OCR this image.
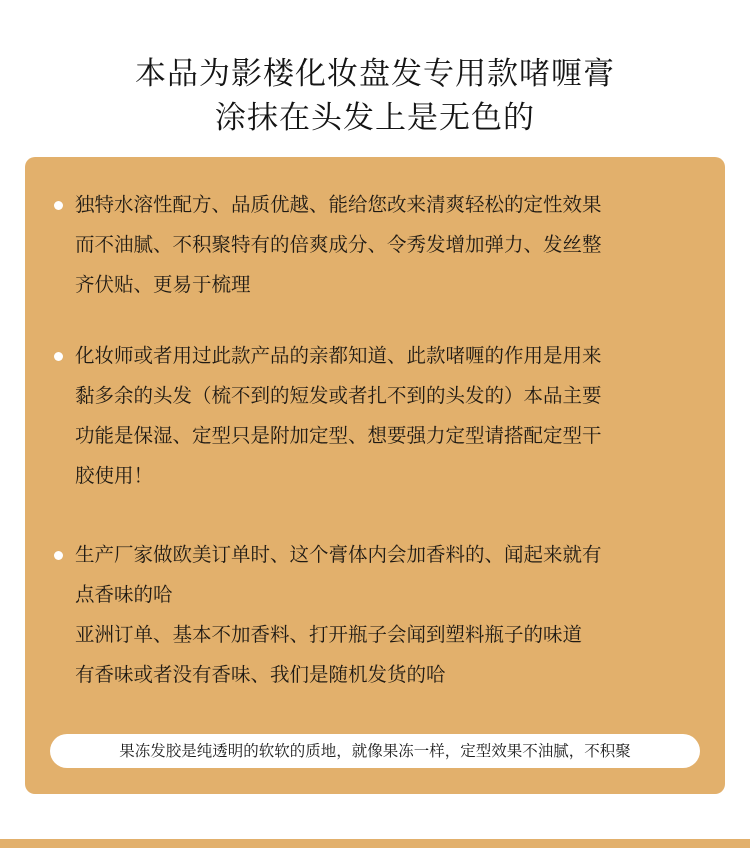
本品为影楼化妆盘发专用款啫喱膏
涂抹在头发上是无色的
独特水溶性配方、品质优越、能给您改来清爽轻松的定性效果
而不油腻、不积聚特有的倍爽成分、令秀发增加弹力、发丝整
齐伏贴、更易于梳理
化妆师或者用过此款产品的亲都知道、此款啫喱的作用是用来
黏多余的头发（梳不到的短发或者扎不到的头发的）本品主要
功能是保湿、定型只是附加定型、想要强力定型请搭配定型干
胶使用！
生产厂家做欧美订单时、这个膏体内会加香料的、闻起来就有
点香味的哈
亚洲订单、基本不加香料、打开瓶子会闻到塑料瓶子的味道
有香味或者没有香味、我们是随机发货的哈
果冻发胶是纯透明的软软的质地，就像果冻一样，定型效果不油腻，不积聚
